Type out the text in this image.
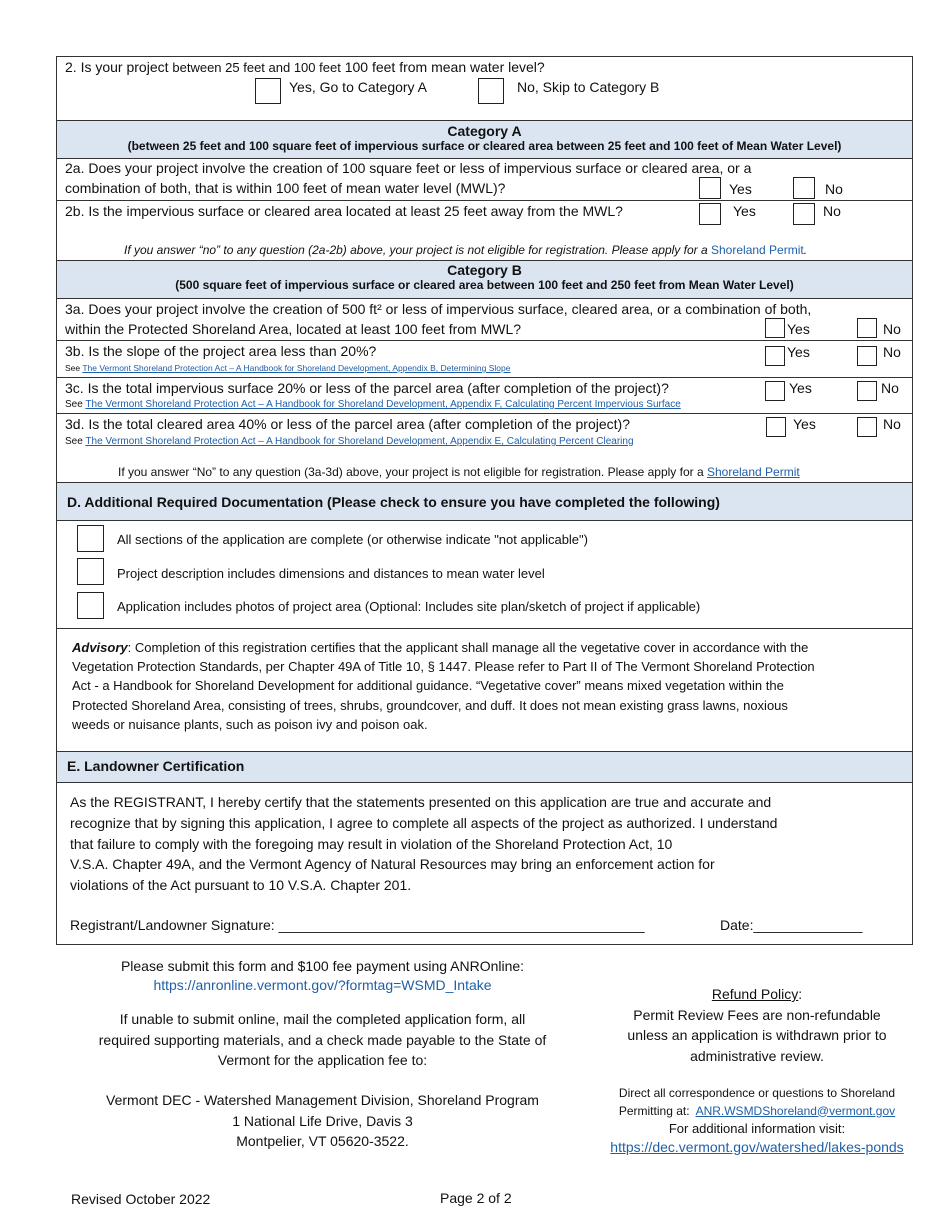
2. Is your project between 25 feet and 100 feet 100 feet from mean water level?
Yes, Go to Category A	No, Skip to Category B
Category A
(between 25 feet and 100 square feet of impervious surface or cleared area between 25 feet and 100 feet of Mean Water Level)
2a. Does your project involve the creation of 100 square feet or less of impervious surface or cleared area, or a
combination of both, that is within 100 feet of mean water level (MWL)?	Yes	No
2b. Is the impervious surface or cleared area located at least 25 feet away from the MWL?	Yes	No
If you answer “no” to any question (2a-2b) above, your project is not eligible for registration. Please apply for a Shoreland Permit.
Category B
(500 square feet of impervious surface or cleared area between 100 feet and 250 feet from Mean Water Level)
3a. Does your project involve the creation of 500 ft² or less of impervious surface, cleared area, or a combination of both,
within the Protected Shoreland Area, located at least 100 feet from MWL?	Yes	No
3b. Is the slope of the project area less than 20%?
See The Vermont Shoreland Protection Act – A Handbook for Shoreland Development, Appendix B, Determining Slope
Yes	No
3c. Is the total impervious surface 20% or less of the parcel area (after completion of the project)?
See The Vermont Shoreland Protection Act – A Handbook for Shoreland Development, Appendix F, Calculating Percent Impervious Surface
Yes	No
3d. Is the total cleared area 40% or less of the parcel area (after completion of the project)?
See The Vermont Shoreland Protection Act – A Handbook for Shoreland Development, Appendix E, Calculating Percent Clearing
Yes	No
If you answer “No” to any question (3a-3d) above, your project is not eligible for registration. Please apply for a Shoreland Permit
D. Additional Required Documentation (Please check to ensure you have completed the following)
All sections of the application are complete (or otherwise indicate "not applicable")
Project description includes dimensions and distances to mean water level
Application includes photos of project area (Optional: Includes site plan/sketch of project if applicable)
Advisory: Completion of this registration certifies that the applicant shall manage all the vegetative cover in accordance with the
Vegetation Protection Standards, per Chapter 49A of Title 10, § 1447. Please refer to Part II of The Vermont Shoreland Protection
Act - a Handbook for Shoreland Development for additional guidance. “Vegetative cover” means mixed vegetation within the
Protected Shoreland Area, consisting of trees, shrubs, groundcover, and duff. It does not mean existing grass lawns, noxious
weeds or nuisance plants, such as poison ivy and poison oak.
E. Landowner Certification
As the REGISTRANT, I hereby certify that the statements presented on this application are true and accurate and
recognize that by signing this application, I agree to complete all aspects of the project as authorized. I understand
that failure to comply with the foregoing may result in violation of the Shoreland Protection Act, 10
V.S.A. Chapter 49A, and the Vermont Agency of Natural Resources may bring an enforcement action for
violations of the Act pursuant to 10 V.S.A. Chapter 201.
Registrant/Landowner Signature: _______________________________________________	Date:______________
Please submit this form and $100 fee payment using ANROnline:
https://anronline.vermont.gov/?formtag=WSMD_Intake
If unable to submit online, mail the completed application form, all
required supporting materials, and a check made payable to the State of
Vermont for the application fee to:
Vermont DEC - Watershed Management Division, Shoreland Program
1 National Life Drive, Davis 3
Montpelier, VT 05620-3522.
Refund Policy:
Permit Review Fees are non-refundable
unless an application is withdrawn prior to
administrative review.
Direct all correspondence or questions to Shoreland
Permitting at: ANR.WSMDShoreland@vermont.gov
For additional information visit:
https://dec.vermont.gov/watershed/lakes-ponds
Revised October 2022	Page 2 of 2
